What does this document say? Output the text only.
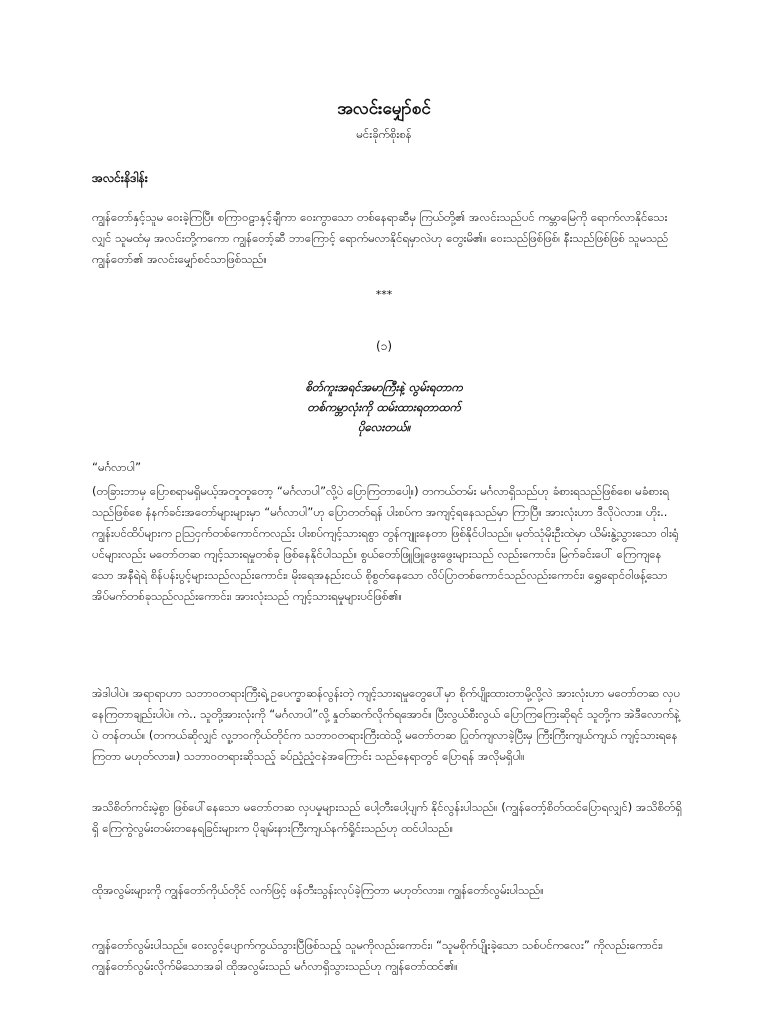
အလင်းမျှော်စင်
မင်းခိုက်စိုးစန်
အလင်းနိဒါန်း
ကျွန်တော်နှင့်သူမ ဝေးခဲ့ကြပြီ။ စကြာဝဠာနှင့်ချီကာ ဝေးကွာသော တစ်နေရာဆီမှ ကြယ်တို့၏ အလင်းသည်ပင် ကမ္ဘာမြေကို ရောက်လာနိုင်သေးလျှင် သူမထံမှ အလင်းတို့ကကော ကျွန်တော့်ဆီ ဘာကြောင့် ရောက်မလာနိုင်ရမှာလဲဟု တွေးမိ၏။ ဝေးသည်ဖြစ်ဖြစ်၊ နီးသည်ဖြစ်ဖြစ် သူမသည် ကျွန်တော်၏ အလင်းမျှော်စင်သာဖြစ်သည်။
***
(၁)
စိတ်ကူးအရင်အမာကြီးနဲ့ လွမ်းရတာက
တစ်ကမ္ဘာလုံးကို ထမ်းထားရတာထက်
ပိုလေးတယ်။
“မင်္ဂလာပါ”
(တခြားဘာမှ ပြောစရာမရှိမယ့်အတူတူတော့ “မင်္ဂလာပါ”လို့ပဲ ပြောကြတာပေါ့။) တကယ်တမ်း မင်္ဂလာရှိသည်ဟု ခံစားရသည်ဖြစ်စေ၊ မခံစားရသည်ဖြစ်စေ နံနက်ခင်းအတော်များများမှာ “မင်္ဂလာပါ”ဟု ပြောတတ်ရန် ပါးစပ်က အကျင့်ရနေသည်မှာ ကြာပြီ။ အားလုံးဟာ ဒီလိုပဲလား။ ဟိုး.. ကျွန်းပင်ထိပ်များက ဥသြငှက်တစ်ကောင်ကလည်း ပါးစပ်ကျင့်သားရစွာ တွန်ကျူးနေတာ ဖြစ်နိုင်ပါသည်။ မုတ်သုံမိုးဦးထဲမှာ ယိမ်းနွဲ့သွားသော ဝါးရုံပင်များလည်း မတော်တဆ ကျင့်သားရမှုတစ်ခု ဖြစ်နေနိုင်ပါသည်။ စွယ်တော်ဖြူဖြူဖွေးဖွေးများသည် လည်းကောင်း၊ မြက်ခင်းပေါ် ကြေကျနေသော အနီရဲရဲ စိန်ပန်းပွင့်များသည်လည်းကောင်း၊ မိုးရေအနည်းငယ် စိုစွတ်နေသော လိပ်ပြာတစ်ကောင်သည်လည်းကောင်း၊ ရွှေရောင်ဝါဖန့်သော အိပ်မက်တစ်ခုသည်လည်းကောင်း၊ အားလုံးသည် ကျင့်သားရမှုများပင်ဖြစ်၏။
အဲဒါပါပဲ။ အရာရာဟာ သဘာဝတရားကြီးရဲ့ ဥပေက္ခာဆန်လွန်းတဲ့ ကျင့်သားရမှုတွေပေါ်မှာ စိုက်ပျိုးထားတာမို့လို့လဲ အားလုံးဟာ မတော်တဆ လှပနေကြတာချည်းပါပဲ။ ကဲ.. သူတို့အားလုံးကို “မင်္ဂလာပါ”လို့ နှုတ်ဆက်လိုက်ရအောင်။ ပြီးလွယ်စီးလွယ် ပြောကြကြေးဆိုရင် သူတို့က အဲဒီလောက်နဲ့ပဲ တန်တယ်။ (တကယ်ဆိုလျှင် လူ့ဘဝကိုယ်တိုင်က သဘာဝတရားကြီးထဲသို့ မတော်တဆ ပြုတ်ကျလာခဲ့ပြီးမှ ကြီးကြီးကျယ်ကျယ် ကျင့်သားရနေကြတာ မဟုတ်လား။) သဘာဝတရားဆိုသည့် ခပ်ညံ့ညံ့ငနဲအကြောင်း သည်နေရာတွင် ပြောရန် အလိုမရှိပါ။
အသိစိတ်ကင်းမဲ့စွာ ဖြစ်ပေါ်နေသော မတော်တဆ လှပမှုများသည် ပေါ့တီးပေါ့ပျက် နိုင်လွန်းပါသည်။ (ကျွန်တော့်စိတ်ထင်ပြောရလျှင်) အသိစိတ်ရှိရှိ ကြေကွဲလွမ်းတမ်းတနေရခြင်းများက ပိုချမ်းနားကြီးကျယ်နက်ရှိုင်းသည်ဟု ထင်ပါသည်။
ထိုအလွမ်းများကို ကျွန်တော်ကိုယ်တိုင် လက်ဖြင့် ဖန်တီးသွန်းလုပ်ခဲ့ကြတာ မဟုတ်လား။ ကျွန်တော်လွမ်းပါသည်။
ကျွန်တော်လွမ်းပါသည်။ ဝေးလွင့်ပျောက်ကွယ်သွားပြီဖြစ်သည့် သူမကိုလည်းကောင်း၊ “သူမစိုက်ပျိုးခဲ့သော သစ်ပင်ကလေး” ကိုလည်းကောင်း၊ ကျွန်တော်လွမ်းလိုက်မိသောအခါ ထိုအလွမ်းသည် မင်္ဂလာရှိသွားသည်ဟု ကျွန်တော်ထင်၏။
